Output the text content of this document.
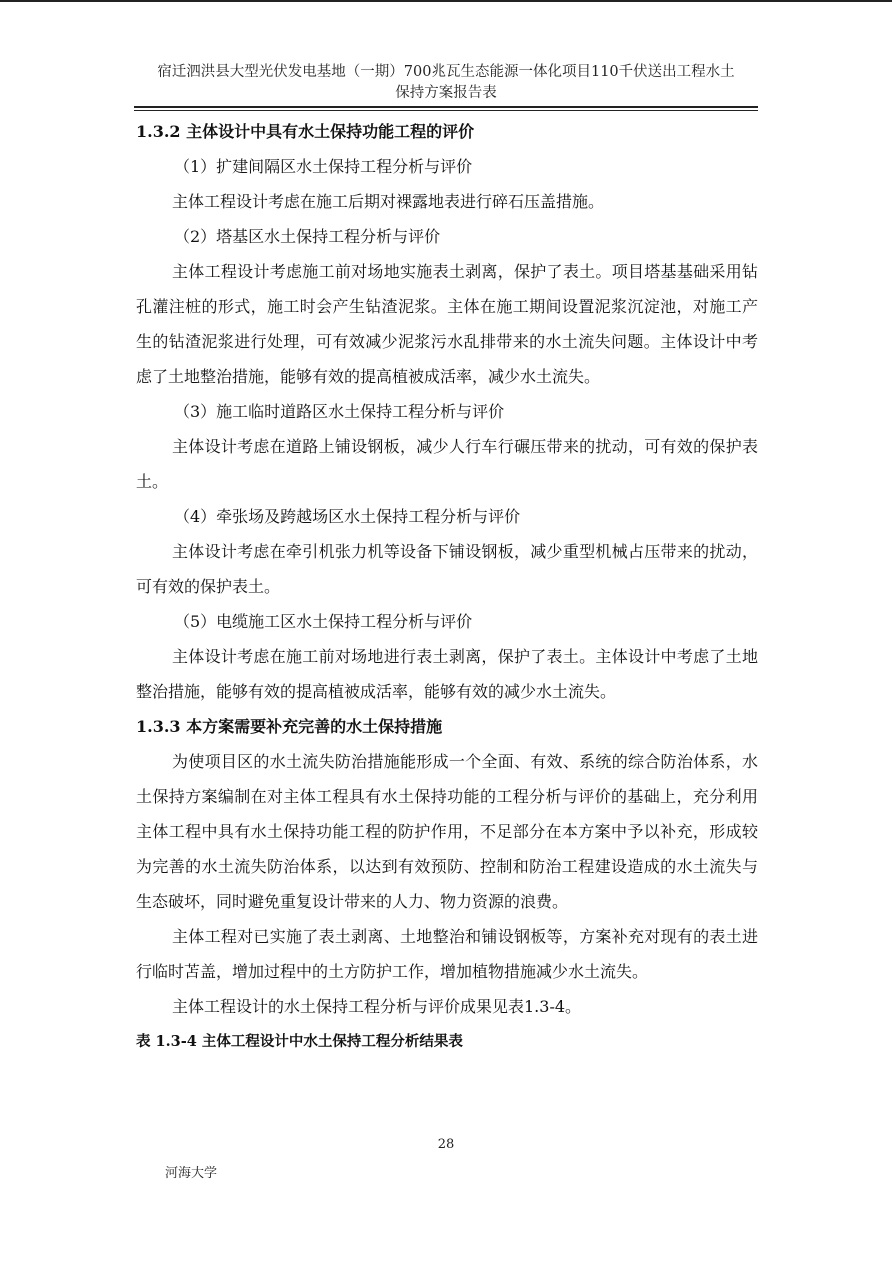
宿迁泗洪县大型光伏发电基地（一期）700兆瓦生态能源一体化项目110千伏送出工程水土
保持方案报告表

1.3.2 主体设计中具有水土保持功能工程的评价

（1）扩建间隔区水土保持工程分析与评价

主体工程设计考虑在施工后期对裸露地表进行碎石压盖措施。

（2）塔基区水土保持工程分析与评价

主体工程设计考虑施工前对场地实施表土剥离，保护了表土。项目塔基基础采用钻孔灌注桩的形式，施工时会产生钻渣泥浆。主体在施工期间设置泥浆沉淀池，对施工产生的钻渣泥浆进行处理，可有效减少泥浆污水乱排带来的水土流失问题。主体设计中考虑了土地整治措施，能够有效的提高植被成活率，减少水土流失。

（3）施工临时道路区水土保持工程分析与评价

主体设计考虑在道路上铺设钢板，减少人行车行碾压带来的扰动，可有效的保护表土。

（4）牵张场及跨越场区水土保持工程分析与评价

主体设计考虑在牵引机张力机等设备下铺设钢板，减少重型机械占压带来的扰动，可有效的保护表土。

（5）电缆施工区水土保持工程分析与评价

主体设计考虑在施工前对场地进行表土剥离，保护了表土。主体设计中考虑了土地整治措施，能够有效的提高植被成活率，能够有效的减少水土流失。

1.3.3 本方案需要补充完善的水土保持措施

为使项目区的水土流失防治措施能形成一个全面、有效、系统的综合防治体系，水土保持方案编制在对主体工程具有水土保持功能的工程分析与评价的基础上，充分利用主体工程中具有水土保持功能工程的防护作用，不足部分在本方案中予以补充，形成较为完善的水土流失防治体系，以达到有效预防、控制和防治工程建设造成的水土流失与生态破坏，同时避免重复设计带来的人力、物力资源的浪费。

主体工程对已实施了表土剥离、土地整治和铺设钢板等，方案补充对现有的表土进行临时苫盖，增加过程中的土方防护工作，增加植物措施减少水土流失。

主体工程设计的水土保持工程分析与评价成果见表1.3-4。

表 1.3-4 主体工程设计中水土保持工程分析结果表

28
河海大学
